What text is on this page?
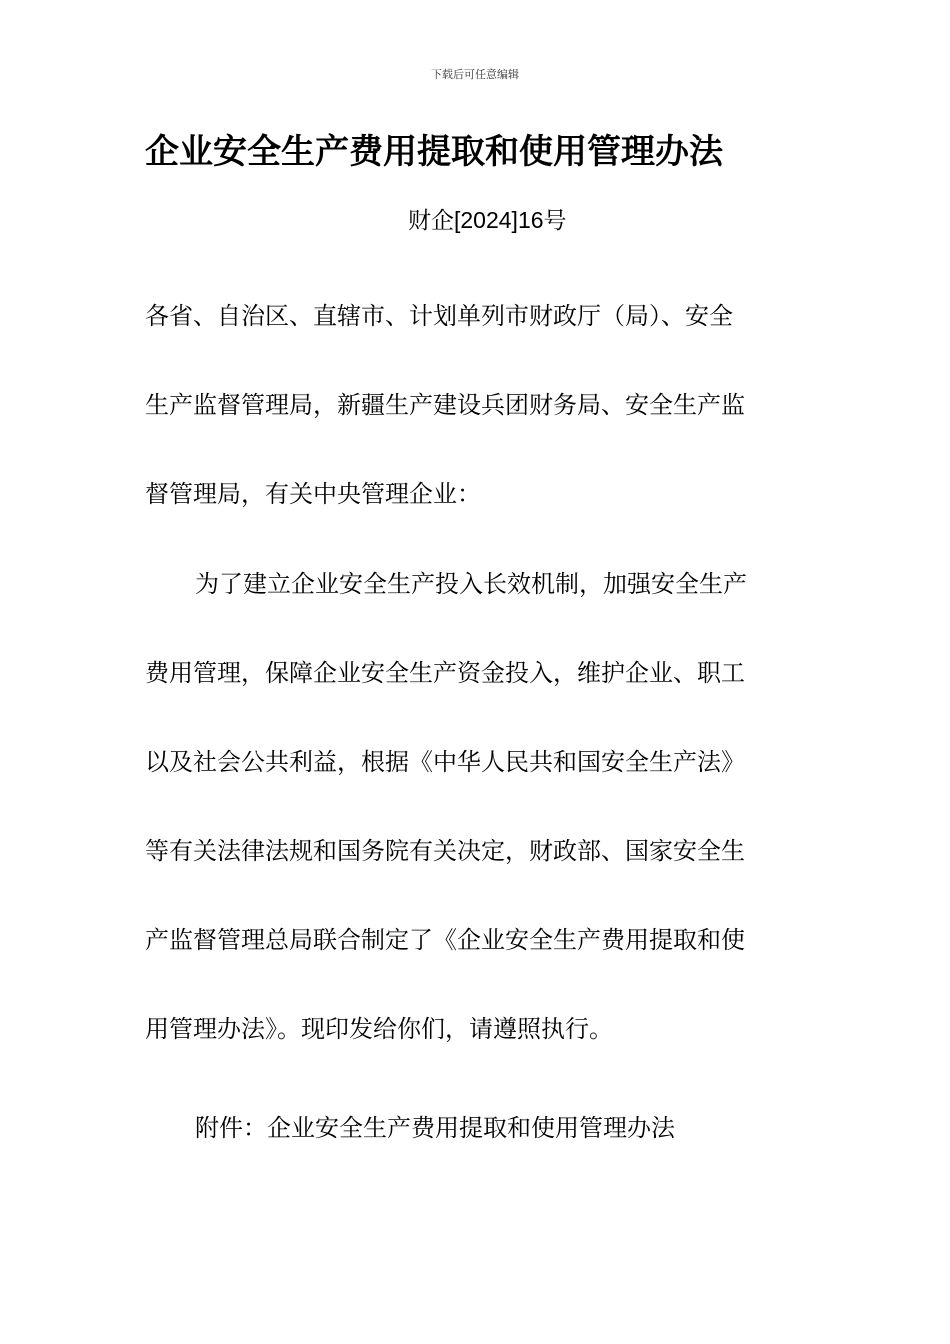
下载后可任意编辑
企业安全生产费用提取和使用管理办法
财企[2024]16号
各省、自治区、直辖市、计划单列市财政厅（局）、安全
生产监督管理局，新疆生产建设兵团财务局、安全生产监
督管理局，有关中央管理企业：
为了建立企业安全生产投入长效机制，加强安全生产
费用管理，保障企业安全生产资金投入，维护企业、职工
以及社会公共利益，根据《中华人民共和国安全生产法》
等有关法律法规和国务院有关决定，财政部、国家安全生
产监督管理总局联合制定了《企业安全生产费用提取和使
用管理办法》。现印发给你们，请遵照执行。
附件：企业安全生产费用提取和使用管理办法
